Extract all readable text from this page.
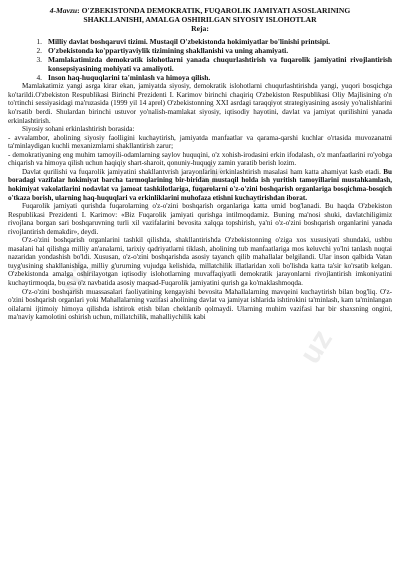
uz
uz
uz
4-Mavzu: O'ZBEKISTONDA DEMOKRATIK, FUQAROLIK JAMIYATI ASOSLARINING
SHAKLLANISHI, AMALGA OSHIRILGAN SIYOSIY ISLOHOTLAR
Reja:
1. Milliy davlat boshqaruvi tizimi. Mustaqil O'zbekistonda hokimiyatlar bo'linishi printsipi.
2. O'zbekistonda ko'ppartiyaviylik tizimining shakllanishi va uning ahamiyati.
3. Mamlakatimizda demokratik islohotlarni yanada chuqurlashtirish va fuqarolik jamiyatini rivojlantirish konsepsiyasining mohiyati va amaliyoti.
4. Inson haq-huquqlarini ta'minlash va himoya qilish.

Mamlakatimiz yangi asrga kirar ekan, jamiyatda siyosiy, demokratik islohotlarni chuqurlashtirishda yangi, yuqori bosqichga ko'tarildi.O'zbekiston Respublikasi Birinchi Prezidenti I. Karimov birinchi chaqiriq O'zbekiston Respublikasi Oliy Majlisining o'n to'rtinchi sessiyasidagi ma'ruzasida (1999 yil 14 aprel) O'zbekistonning XXI asrdagi taraqqiyot strategiyasining asosiy yo'nalishlarini ko'rsatib berdi. Shulardan birinchi ustuvor yo'nalish-mamlakat siyosiy, iqtisodiy hayotini, davlat va jamiyat qurilishini yanada erkinlashtirish.

Siyosiy sohani erkinlashtirish borasida:

- avvalambor, aholining siyosiy faolligini kuchaytirish, jamiyatda manfaatlar va qarama-qarshi kuchlar o'rtasida muvozanatni ta'minlaydigan kuchli mexanizmlarni shakllantirish zarur;

- demokratiyaning eng muhim tamoyili-odamlarning saylov huquqini, o'z xohish-irodasini erkin ifodalash, o'z manfaatlarini ro'yobga chiqarish va himoya qilish uchun haqiqiy shart-sharoit, qonuniy-huquqiy zamin yaratib berish lozim.

Davlat qurilishi va fuqarolik jamiyatini shakllantvrish jarayonlarini erkinlashtirish masalasi ham katta ahamiyat kasb etadi. Bu boradagi vazifalar hokimiyat barcha tarmoqlarining bir-biridan mustaqil holda ish yuritish tamoyillarini mustahkamlash, hokimiyat vakolatlarini nodavlat va jamoat tashkilotlariga, fuqarolarni o'z-o'zini boshqarish organlariga bosqichma-bosqich o'tkaza borish, ularning haq-huquqlari va erkinliklarini muhofaza etishni kuchaytirishdan iborat.

Fuqarolik jamiyati qurishda fuqarolarning o'z-o'zini boshqarish organlariga katta umid bog'lanadi. Bu haqda O'zbekiston Respublikasi Prezidenti I. Karimov: «Biz Fuqarolik jamiyati qurishga intilmoqdamiz. Buning ma'nosi shuki, davlatchiligimiz rivojlana borgan sari boshqaruvning turli xil vazifalarini bevosita xalqqa topshirish, ya'ni o'z-o'zini boshqarish organlarini yanada rivojlantirish demakdir», deydi.

O'z-o'zini boshqarish organlarini tashkil qilishda, shakllantirishda O'zbekistonning o'ziga xos xususiyati shundaki, ushbu masalani hal qilishga milliy an'analarni, tarixiy qadriyatlarni tiklash, aholining tub manfaatlariga mos keluvchi yo'lni tanlash nuqtai nazaridan yondashish bo'ldi. Xususan, o'z-o'zini boshqarishda asosiy tayanch qilib mahallalar belgilandi. Ular inson qalbida Vatan tuyg'usining shakllanishiga, milliy g'ururning vujudga kelishida, millatchilik illatlaridan xoli bo'lishda katta ta'sir ko'rsatib kelgan. O'zbekistonda amalga oshirilayotgan iqtisodiy islohotlarning muvaffaqiyatli demokratik jarayonlarni rivojlantirish imkoniyatini kuchaytirmoqda, bu esa o'z navbatida asosiy maqsad-Fuqarolik jamiyatini qurish ga ko'maklashmoqda.

O'z-o'zini boshqarish muassasalari faoliyatining kengayishi bevosita Mahallalarning mavqeini kuchaytirish bilan bog'liq. O'z-o'zini boshqarish organlari yoki Mahallalarning vazifasi aholining davlat va jamiyat ishlarida ishtirokini ta'minlash, kam ta'minlangan oilalarni ijtimoiy himoya qilishda ishtirok etish bilan cheklanib qolmaydi. Ularning muhim vazifasi har bir shaxsning ongini, ma'naviy kamolotini oshirish uchun, millatchilik, mahalliychilik kabi
